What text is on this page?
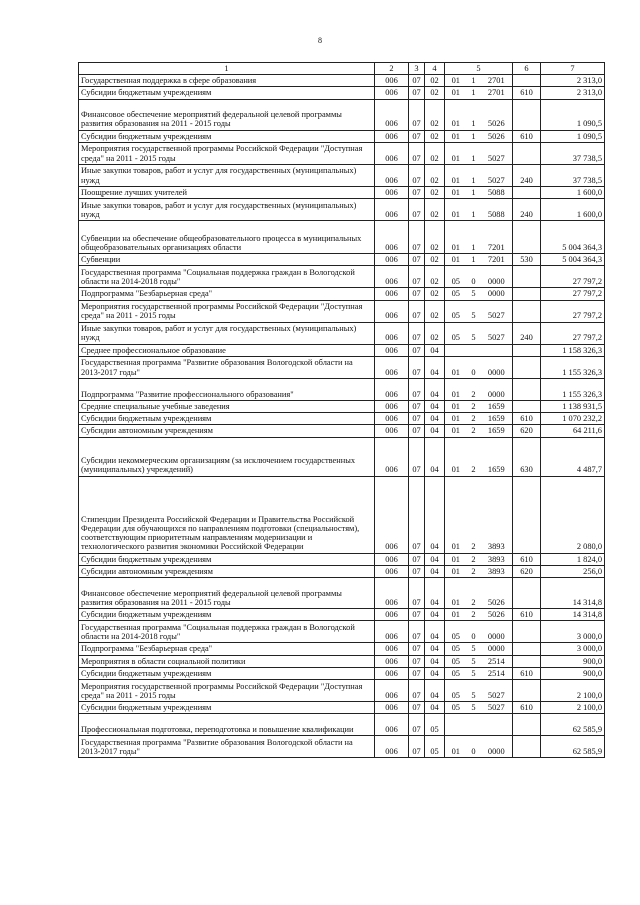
8
1	2	3	4	5			6	7
Государственная поддержка в сфере образования	006	07	02	01	1	2701		2 313,0
Субсидии бюджетным учреждениям	006	07	02	01	1	2701	610	2 313,0
Финансовое обеспечение мероприятий федеральной целевой программы развития образования на 2011 - 2015 годы	006	07	02	01	1	5026		1 090,5
Субсидии бюджетным учреждениям	006	07	02	01	1	5026	610	1 090,5
Мероприятия государственной программы Российской Федерации "Доступная среда" на 2011 - 2015 годы	006	07	02	01	1	5027		37 738,5
Иные закупки товаров, работ и услуг для государственных (муниципальных) нужд	006	07	02	01	1	5027	240	37 738,5
Поощрение лучших учителей	006	07	02	01	1	5088		1 600,0
Иные закупки товаров, работ и услуг для государственных (муниципальных) нужд	006	07	02	01	1	5088	240	1 600,0
Субвенции на обеспечение общеобразовательного процесса в муниципальных общеобразовательных организациях области	006	07	02	01	1	7201		5 004 364,3
Субвенции	006	07	02	01	1	7201	530	5 004 364,3
Государственная программа "Социальная поддержка граждан в Вологодской области на 2014-2018 годы"	006	07	02	05	0	0000		27 797,2
Подпрограмма "Безбарьерная среда"	006	07	02	05	5	0000		27 797,2
Мероприятия государственной программы Российской Федерации "Доступная среда" на 2011 - 2015 годы	006	07	02	05	5	5027		27 797,2
Иные закупки товаров, работ и услуг для государственных (муниципальных) нужд	006	07	02	05	5	5027	240	27 797,2
Среднее профессиональное образование	006	07	04					1 158 326,3
Государственная программа "Развитие образования Вологодской области на 2013-2017 годы"	006	07	04	01	0	0000		1 155 326,3
Подпрограмма "Развитие профессионального образования"	006	07	04	01	2	0000		1 155 326,3
Средние специальные учебные заведения	006	07	04	01	2	1659		1 138 931,5
Субсидии бюджетным учреждениям	006	07	04	01	2	1659	610	1 070 232,2
Субсидии автономным учреждениям	006	07	04	01	2	1659	620	64 211,6
Субсидии некоммерческим организациям (за исключением государственных (муниципальных) учреждений)	006	07	04	01	2	1659	630	4 487,7
Стипендии Президента Российской Федерации и Правительства Российской Федерации для обучающихся по направлениям подготовки (специальностям), соответствующим приоритетным направлениям модернизации и технологического развития экономики Российской Федерации	006	07	04	01	2	3893		2 080,0
Субсидии бюджетным учреждениям	006	07	04	01	2	3893	610	1 824,0
Субсидии автономным учреждениям	006	07	04	01	2	3893	620	256,0
Финансовое обеспечение мероприятий федеральной целевой программы развития образования на 2011 - 2015 годы	006	07	04	01	2	5026		14 314,8
Субсидии бюджетным учреждениям	006	07	04	01	2	5026	610	14 314,8
Государственная программа "Социальная поддержка граждан в Вологодской области на 2014-2018 годы"	006	07	04	05	0	0000		3 000,0
Подпрограмма "Безбарьерная среда"	006	07	04	05	5	0000		3 000,0
Мероприятия в области социальной политики	006	07	04	05	5	2514		900,0
Субсидии бюджетным учреждениям	006	07	04	05	5	2514	610	900,0
Мероприятия государственной программы Российской Федерации "Доступная среда" на 2011 - 2015 годы	006	07	04	05	5	5027		2 100,0
Субсидии бюджетным учреждениям	006	07	04	05	5	5027	610	2 100,0
Профессиональная подготовка, переподготовка и повышение квалификации	006	07	05					62 585,9
Государственная программа "Развитие образования Вологодской области на 2013-2017 годы"	006	07	05	01	0	0000		62 585,9
